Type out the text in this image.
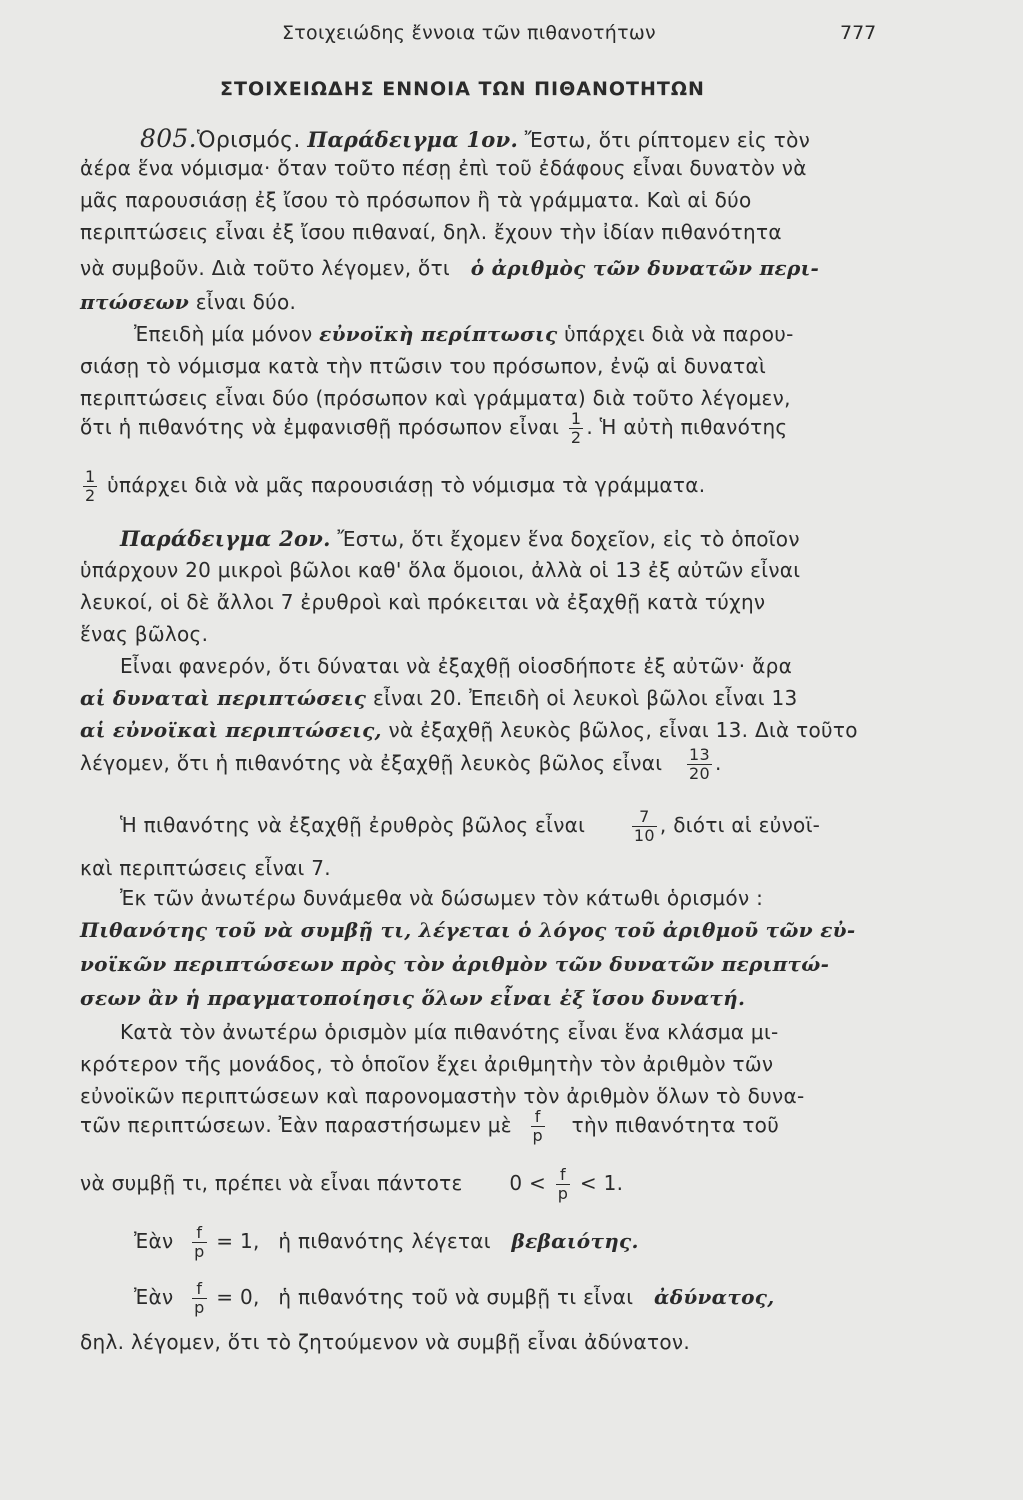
Στοιχειώδης ἔννοια τῶν πιθανοτήτων	777
ΣΤΟΙΧΕΙΩΔΗΣ ΕΝΝΟΙΑ ΤΩΝ ΠΙΘΑΝΟΤΗΤΩΝ
805.Ὁρισμός. Παράδειγμα 1ον. Ἔστω, ὅτι ρίπτομεν εἰς τὸν
ἀέρα ἕνα νόμισμα· ὅταν τοῦτο πέσῃ ἐπὶ τοῦ ἐδάφους εἶναι δυνατὸν νὰ
μᾶς παρουσιάσῃ ἐξ ἴσου τὸ πρόσωπον ἢ τὰ γράμματα. Καὶ αἱ δύο
περιπτώσεις εἶναι ἐξ ἴσου πιθαναί, δηλ. ἔχουν τὴν ἰδίαν πιθανότητα
νὰ συμβοῦν. Διὰ τοῦτο λέγομεν, ὅτι ὁ ἀριθμὸς τῶν δυνατῶν περι-
πτώσεων εἶναι δύο.
Ἐπειδὴ μία μόνον εὐνοϊκὴ περίπτωσις ὑπάρχει διὰ νὰ παρου-
σιάσῃ τὸ νόμισμα κατὰ τὴν πτῶσιν του πρόσωπον, ἐνῷ αἱ δυναταὶ
περιπτώσεις εἶναι δύο (πρόσωπον καὶ γράμματα) διὰ τοῦτο λέγομεν,
ὅτι ἡ πιθανότης νὰ ἐμφανισθῇ πρόσωπον εἶναι $\frac{1}{2}$ . Ἡ αὐτὴ πιθανότης
$\frac{1}{2}$ ὑπάρχει διὰ νὰ μᾶς παρουσιάσῃ τὸ νόμισμα τὰ γράμματα.
Παράδειγμα 2ον. Ἔστω, ὅτι ἔχομεν ἕνα δοχεῖον, εἰς τὸ ὁποῖον
ὑπάρχουν 20 μικροὶ βῶλοι καθ' ὅλα ὅμοιοι, ἀλλὰ οἱ 13 ἐξ αὐτῶν εἶναι
λευκοί, οἱ δὲ ἄλλοι 7 ἐρυθροὶ καὶ πρόκειται νὰ ἐξαχθῇ κατὰ τύχην
ἕνας βῶλος.
Εἶναι φανερόν, ὅτι δύναται νὰ ἐξαχθῇ οἱοσδήποτε ἐξ αὐτῶν· ἄρα
αἱ δυναταὶ περιπτώσεις εἶναι 20. Ἐπειδὴ οἱ λευκοὶ βῶλοι εἶναι 13
αἱ εὐνοϊκαὶ περιπτώσεις, νὰ ἐξαχθῇ λευκὸς βῶλος, εἶναι 13. Διὰ τοῦτο
λέγομεν, ὅτι ἡ πιθανότης νὰ ἐξαχθῇ λευκὸς βῶλος εἶναι $\frac{13}{20}$ .
Ἡ πιθανότης νὰ ἐξαχθῇ ἐρυθρὸς βῶλος εἶναι	$\frac{7}{10}$ , διότι αἱ εὐνοϊ-
καὶ περιπτώσεις εἶναι 7.
Ἐκ τῶν ἀνωτέρω δυνάμεθα νὰ δώσωμεν τὸν κάτωθι ὁρισμόν :
Πιθανότης τοῦ νὰ συμβῇ τι, λέγεται ὁ λόγος τοῦ ἀριθμοῦ τῶν εὐ-
νοϊκῶν περιπτώσεων πρὸς τὸν ἀριθμὸν τῶν δυνατῶν περιπτώ-
σεων ἂν ἡ πραγματοποίησις ὅλων εἶναι ἐξ ἴσου δυνατή.
Κατὰ τὸν ἀνωτέρω ὁρισμὸν μία πιθανότης εἶναι ἕνα κλάσμα μι-
κρότερον τῆς μονάδος, τὸ ὁποῖον ἔχει ἀριθμητὴν τὸν ἀριθμὸν τῶν
εὐνοϊκῶν περιπτώσεων καὶ παρονομαστὴν τὸν ἀριθμὸν ὅλων τὸ δυνα-
τῶν περιπτώσεων. Ἐὰν παραστήσωμεν μὲ $\frac{f}{p}$ τὴν πιθανότητα τοῦ
νὰ συμβῇ τι, πρέπει νὰ εἶναι πάντοτε $0 < \frac{f}{p} < 1$.
Ἐὰν $\frac{f}{p} = 1$, ἡ πιθανότης λέγεται βεβαιότης.
Ἐὰν $\frac{f}{p} = 0$, ἡ πιθανότης τοῦ νὰ συμβῇ τι εἶναι ἀδύνατος,
δηλ. λέγομεν, ὅτι τὸ ζητούμενον νὰ συμβῇ εἶναι ἀδύνατον.
